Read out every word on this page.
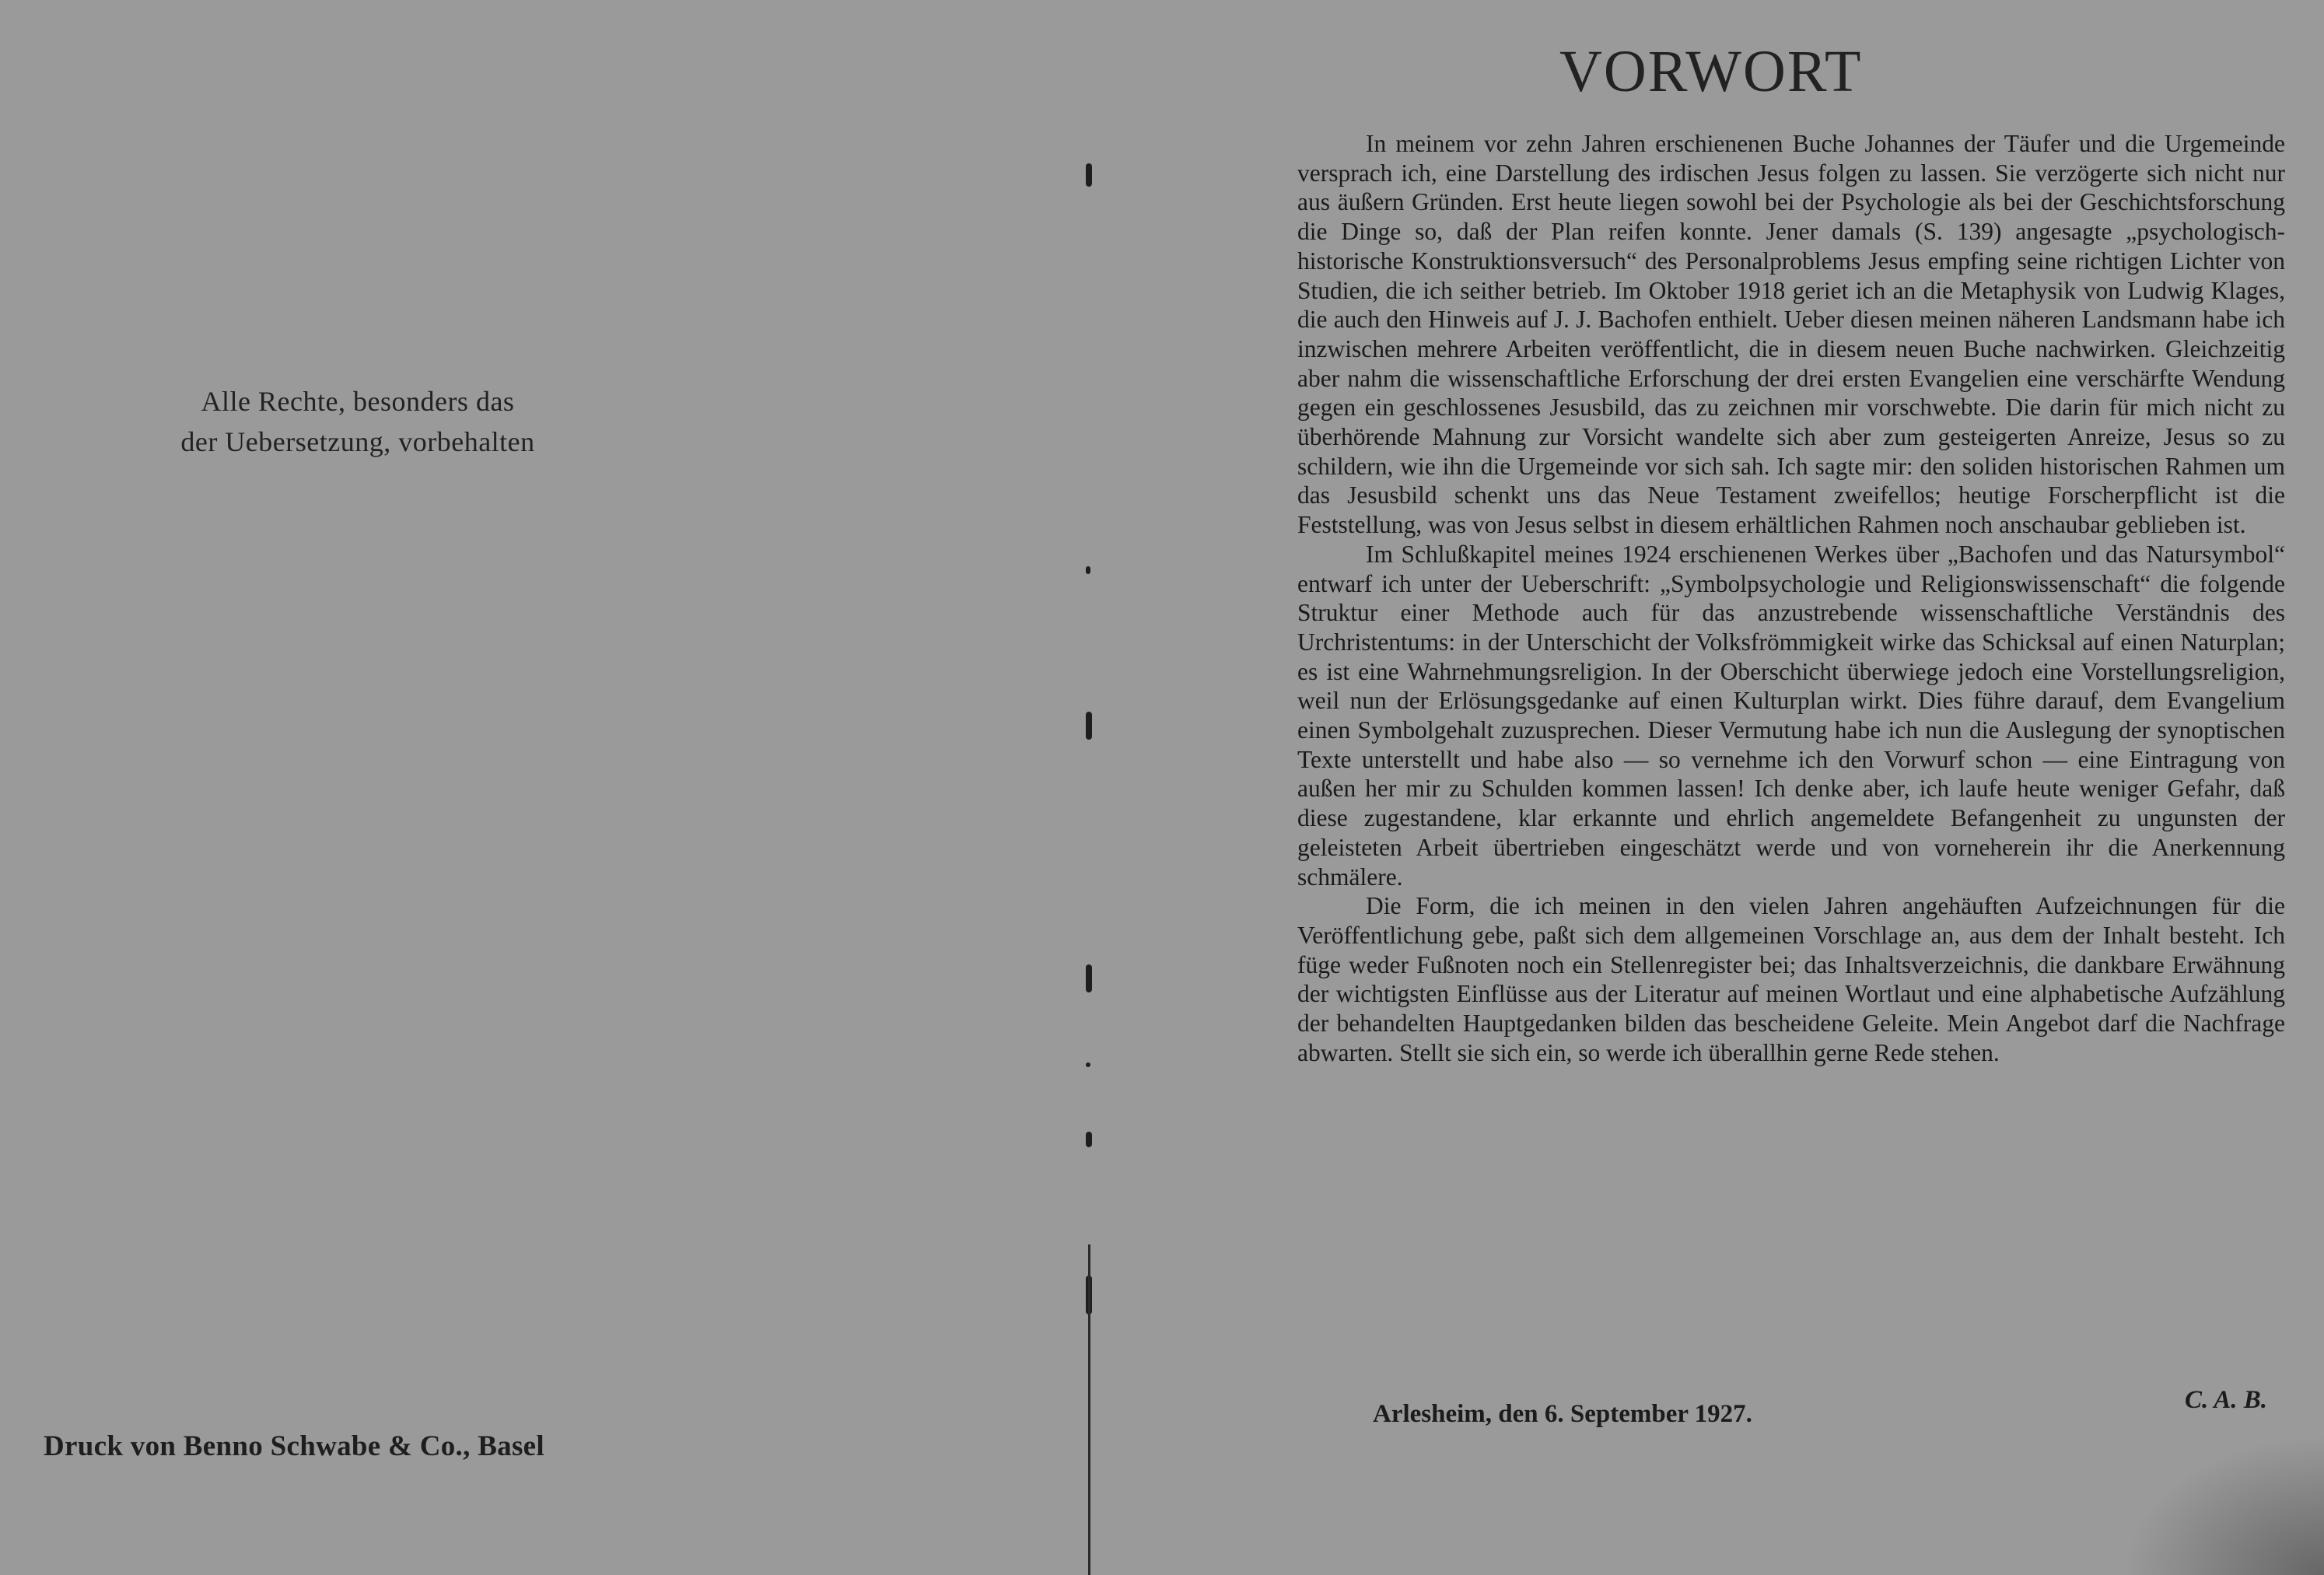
Alle Rechte, besonders das
der Uebersetzung, vorbehalten
Druck von Benno Schwabe & Co., Basel
VORWORT

In meinem vor zehn Jahren erschienenen Buche Johannes der Täufer und die Urgemeinde versprach ich, eine Darstellung des irdischen Jesus folgen zu lassen. Sie verzögerte sich nicht nur aus äußern Gründen. Erst heute liegen sowohl bei der Psychologie als bei der Geschichtsforschung die Dinge so, daß der Plan reifen konnte. Jener damals (S. 139) angesagte „psychologisch-historische Konstruktionsversuch“ des Personalproblems Jesus empfing seine richtigen Lichter von Studien, die ich seither betrieb. Im Oktober 1918 geriet ich an die Metaphysik von Ludwig Klages, die auch den Hinweis auf J. J. Bachofen enthielt. Ueber diesen meinen näheren Landsmann habe ich inzwischen mehrere Arbeiten veröffentlicht, die in diesem neuen Buche nachwirken. Gleichzeitig aber nahm die wissenschaftliche Erforschung der drei ersten Evangelien eine verschärfte Wendung gegen ein geschlossenes Jesusbild, das zu zeichnen mir vorschwebte. Die darin für mich nicht zu überhörende Mahnung zur Vorsicht wandelte sich aber zum gesteigerten Anreize, Jesus so zu schildern, wie ihn die Urgemeinde vor sich sah. Ich sagte mir: den soliden historischen Rahmen um das Jesusbild schenkt uns das Neue Testament zweifellos; heutige Forscherpflicht ist die Feststellung, was von Jesus selbst in diesem erhältlichen Rahmen noch anschaubar geblieben ist.

Im Schlußkapitel meines 1924 erschienenen Werkes über „Bachofen und das Natursymbol“ entwarf ich unter der Ueberschrift: „Symbolpsychologie und Religionswissenschaft“ die folgende Struktur einer Methode auch für das anzustrebende wissenschaftliche Verständnis des Urchristentums: in der Unterschicht der Volksfrömmigkeit wirke das Schicksal auf einen Naturplan; es ist eine Wahrnehmungsreligion. In der Oberschicht überwiege jedoch eine Vorstellungsreligion, weil nun der Erlösungsgedanke auf einen Kulturplan wirkt. Dies führe darauf, dem Evangelium einen Symbolgehalt zuzusprechen. Dieser Vermutung habe ich nun die Auslegung der synoptischen Texte unterstellt und habe also — so vernehme ich den Vorwurf schon — eine Eintragung von außen her mir zu Schulden kommen lassen! Ich denke aber, ich laufe heute weniger Gefahr, daß diese zugestandene, klar erkannte und ehrlich angemeldete Befangenheit zu ungunsten der geleisteten Arbeit übertrieben eingeschätzt werde und von vorneherein ihr die Anerkennung schmälere.

Die Form, die ich meinen in den vielen Jahren angehäuften Aufzeichnungen für die Veröffentlichung gebe, paßt sich dem allgemeinen Vorschlage an, aus dem der Inhalt besteht. Ich füge weder Fußnoten noch ein Stellenregister bei; das Inhaltsverzeichnis, die dankbare Erwähnung der wichtigsten Einflüsse aus der Literatur auf meinen Wortlaut und eine alphabetische Aufzählung der behandelten Hauptgedanken bilden das bescheidene Geleite. Mein Angebot darf die Nachfrage abwarten. Stellt sie sich ein, so werde ich überallhin gerne Rede stehen.

Arlesheim, den 6. September 1927.	C. A. B.
